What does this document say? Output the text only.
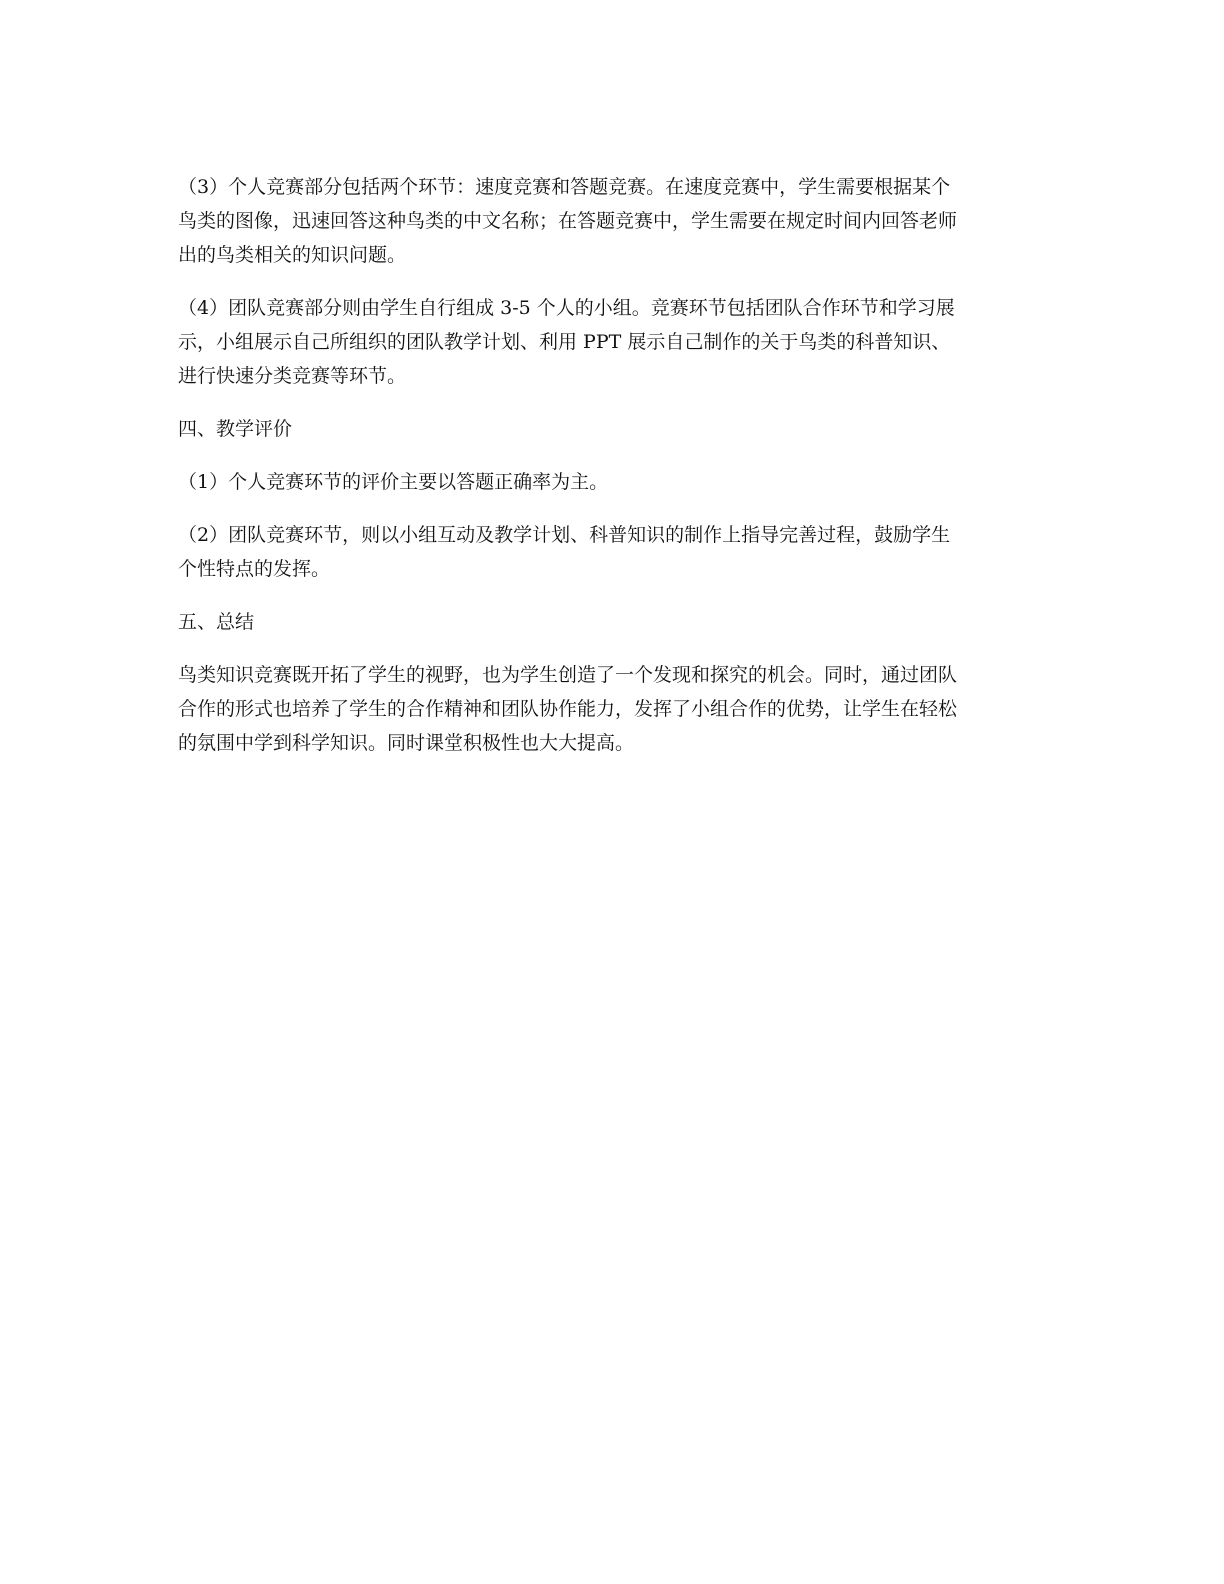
（3）个人竞赛部分包括两个环节：速度竞赛和答题竞赛。在速度竞赛中，学生需要根据某个
鸟类的图像，迅速回答这种鸟类的中文名称；在答题竞赛中，学生需要在规定时间内回答老师
出的鸟类相关的知识问题。

（4）团队竞赛部分则由学生自行组成 3-5 个人的小组。竞赛环节包括团队合作环节和学习展
示，小组展示自己所组织的团队教学计划、利用 PPT 展示自己制作的关于鸟类的科普知识、
进行快速分类竞赛等环节。

四、教学评价

（1）个人竞赛环节的评价主要以答题正确率为主。

（2）团队竞赛环节，则以小组互动及教学计划、科普知识的制作上指导完善过程，鼓励学生
个性特点的发挥。

五、总结

鸟类知识竞赛既开拓了学生的视野，也为学生创造了一个发现和探究的机会。同时，通过团队
合作的形式也培养了学生的合作精神和团队协作能力，发挥了小组合作的优势，让学生在轻松
的氛围中学到科学知识。同时课堂积极性也大大提高。
